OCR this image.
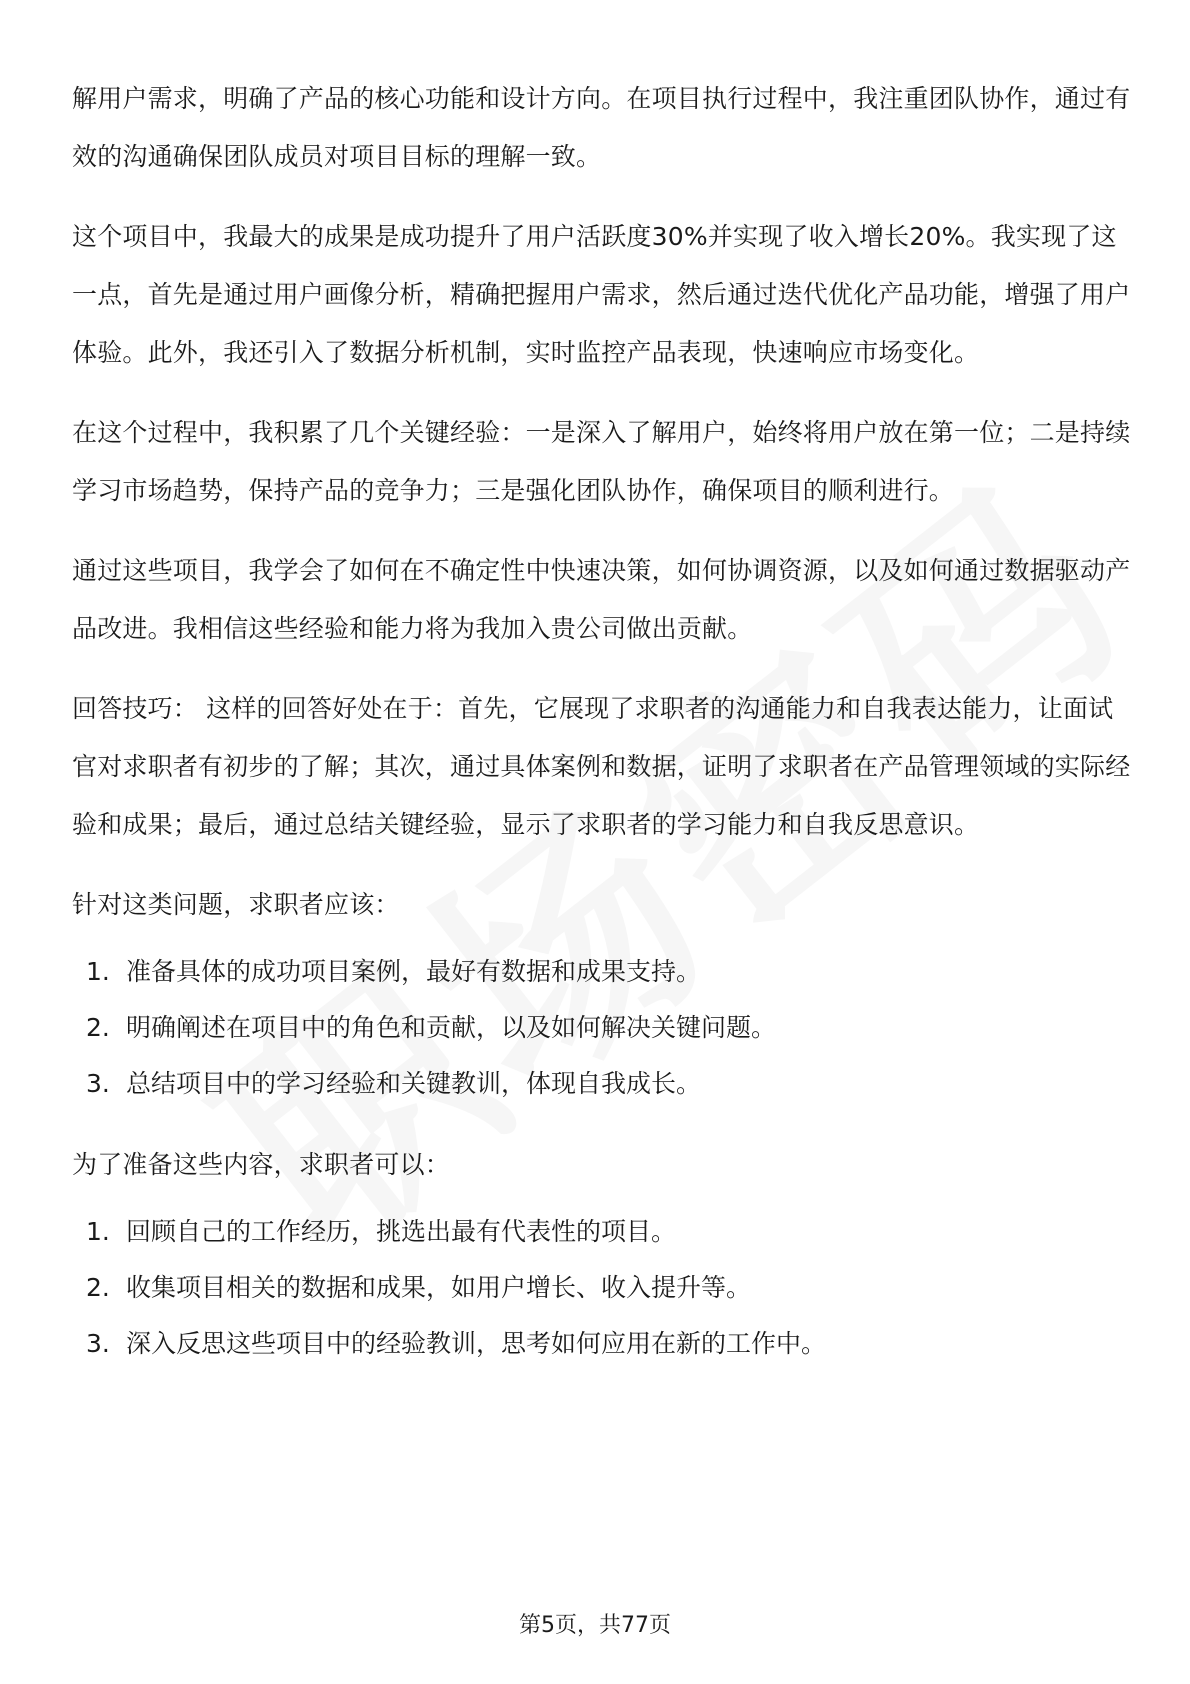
解用户需求，明确了产品的核心功能和设计方向。在项目执行过程中，我注重团队协作，通过有效的沟通确保团队成员对项目目标的理解一致。

这个项目中，我最大的成果是成功提升了用户活跃度30%并实现了收入增长20%。我实现了这一点，首先是通过用户画像分析，精确把握用户需求，然后通过迭代优化产品功能，增强了用户体验。此外，我还引入了数据分析机制，实时监控产品表现，快速响应市场变化。

在这个过程中，我积累了几个关键经验：一是深入了解用户，始终将用户放在第一位；二是持续学习市场趋势，保持产品的竞争力；三是强化团队协作，确保项目的顺利进行。

通过这些项目，我学会了如何在不确定性中快速决策，如何协调资源，以及如何通过数据驱动产品改进。我相信这些经验和能力将为我加入贵公司做出贡献。

回答技巧： 这样的回答好处在于：首先，它展现了求职者的沟通能力和自我表达能力，让面试官对求职者有初步的了解；其次，通过具体案例和数据，证明了求职者在产品管理领域的实际经验和成果；最后，通过总结关键经验，显示了求职者的学习能力和自我反思意识。

针对这类问题，求职者应该：

1. 准备具体的成功项目案例，最好有数据和成果支持。
2. 明确阐述在项目中的角色和贡献，以及如何解决关键问题。
3. 总结项目中的学习经验和关键教训，体现自我成长。

为了准备这些内容，求职者可以：

1. 回顾自己的工作经历，挑选出最有代表性的项目。
2. 收集项目相关的数据和成果，如用户增长、收入提升等。
3. 深入反思这些项目中的经验教训，思考如何应用在新的工作中。
第5页，共77页
